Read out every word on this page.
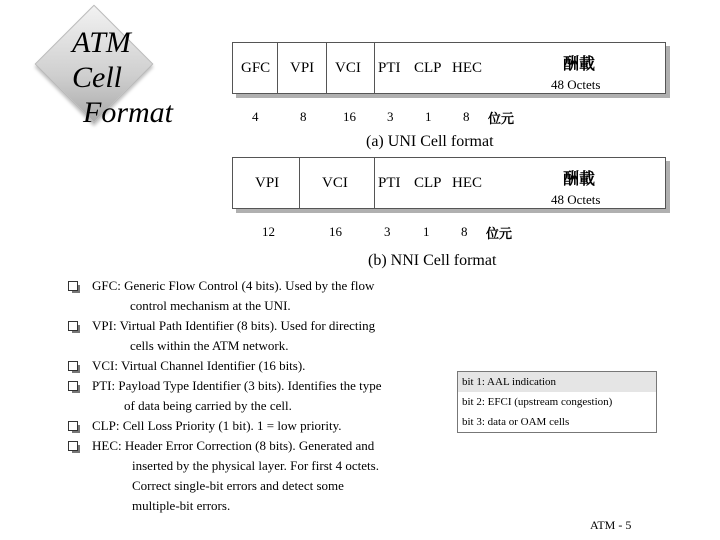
ATM
Cell
Format
GFC VPI VCI PTI CLP HEC	酬載
48 Octets
4	8	16 3 1 8 位元
(a) UNI Cell format
VPI	VCI PTI CLP HEC	酬載
48 Octets
12	16	3	1 8 位元
(b) NNI Cell format
GFC: Generic Flow Control (4 bits). Used by the flow
control mechanism at the UNI.
VPI: Virtual Path Identifier (8 bits). Used for directing
cells within the ATM network.
VCI: Virtual Channel Identifier (16 bits).
PTI: Payload Type Identifier (3 bits). Identifies the type
of data being carried by the cell.
CLP: Cell Loss Priority (1 bit). 1 = low priority.
HEC: Header Error Correction (8 bits). Generated and
inserted by the physical layer. For first 4 octets.
Correct single-bit errors and detect some
multiple-bit errors.
bit 1: AAL indication
bit 2: EFCI (upstream congestion)
bit 3: data or OAM cells
ATM - 5
